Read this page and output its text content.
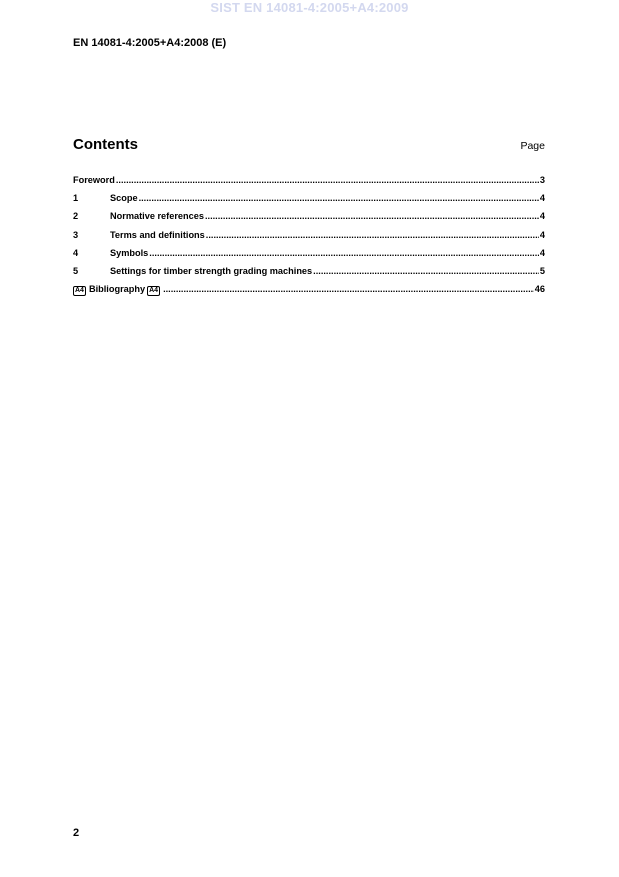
SIST EN 14081-4:2005+A4:2009
EN 14081-4:2005+A4:2008 (E)
Contents	Page
Foreword .....	3
1	Scope .....	4
2	Normative references .....	4
3	Terms and definitions .....	4
4	Symbols .....	4
5	Settings for timber strength grading machines .....	5
A4 Bibliography A4 .....	46
2
